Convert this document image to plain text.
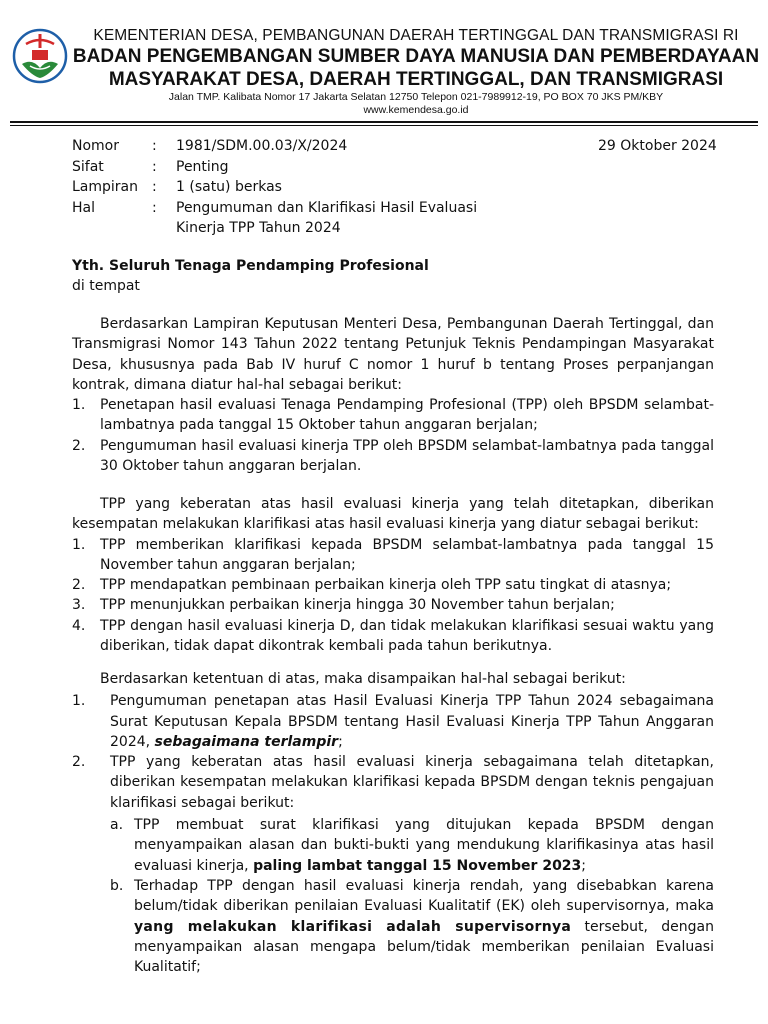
KEMENTERIAN DESA, PEMBANGUNAN DAERAH TERTINGGAL DAN TRANSMIGRASI RI
BADAN PENGEMBANGAN SUMBER DAYA MANUSIA DAN PEMBERDAYAAN
MASYARAKAT DESA, DAERAH TERTINGGAL, DAN TRANSMIGRASI
Jalan TMP. Kalibata Nomor 17 Jakarta Selatan 12750 Telepon 021-7989912-19, PO BOX 70 JKS PM/KBY
www.kemendesa.go.id
Nomor	:	1981/SDM.00.03/X/2024
Sifat	:	Penting
Lampiran :	1 (satu) berkas
Hal	:	Pengumuman dan Klarifikasi Hasil Evaluasi
Kinerja TPP Tahun 2024
29 Oktober 2024

Yth. Seluruh Tenaga Pendamping Profesional

di tempat

Berdasarkan Lampiran Keputusan Menteri Desa, Pembangunan Daerah Tertinggal, dan Transmigrasi Nomor 143 Tahun 2022 tentang Petunjuk Teknis Pendampingan Masyarakat Desa, khususnya pada Bab IV huruf C nomor 1 huruf b tentang Proses perpanjangan kontrak, dimana diatur hal-hal sebagai berikut:

1.	Penetapan hasil evaluasi Tenaga Pendamping Profesional (TPP) oleh BPSDM selambat-lambatnya pada tanggal 15 Oktober tahun anggaran berjalan;
2.	Pengumuman hasil evaluasi kinerja TPP oleh BPSDM selambat-lambatnya pada tanggal 30 Oktober tahun anggaran berjalan.

TPP yang keberatan atas hasil evaluasi kinerja yang telah ditetapkan, diberikan kesempatan melakukan klarifikasi atas hasil evaluasi kinerja yang diatur sebagai berikut:

1.	TPP memberikan klarifikasi kepada BPSDM selambat-lambatnya pada tanggal 15 November tahun anggaran berjalan;
2.	TPP mendapatkan pembinaan perbaikan kinerja oleh TPP satu tingkat di atasnya;
3.	TPP menunjukkan perbaikan kinerja hingga 30 November tahun berjalan;
4.	TPP dengan hasil evaluasi kinerja D, dan tidak melakukan klarifikasi sesuai waktu yang diberikan, tidak dapat dikontrak kembali pada tahun berikutnya.

Berdasarkan ketentuan di atas, maka disampaikan hal-hal sebagai berikut:

1.	Pengumuman penetapan atas Hasil Evaluasi Kinerja TPP Tahun 2024 sebagaimana Surat Keputusan Kepala BPSDM tentang Hasil Evaluasi Kinerja TPP Tahun Anggaran 2024, sebagaimana terlampir;
2.	TPP yang keberatan atas hasil evaluasi kinerja sebagaimana telah ditetapkan, diberikan kesempatan melakukan klarifikasi kepada BPSDM dengan teknis pengajuan klarifikasi sebagai berikut:
a. TPP membuat surat klarifikasi yang ditujukan kepada BPSDM dengan menyampaikan alasan dan bukti-bukti yang mendukung klarifikasinya atas hasil evaluasi kinerja, paling lambat tanggal 15 November 2023;
b. Terhadap TPP dengan hasil evaluasi kinerja rendah, yang disebabkan karena belum/tidak diberikan penilaian Evaluasi Kualitatif (EK) oleh supervisornya, maka yang melakukan klarifikasi adalah supervisornya tersebut, dengan menyampaikan alasan mengapa belum/tidak memberikan penilaian Evaluasi Kualitatif;
